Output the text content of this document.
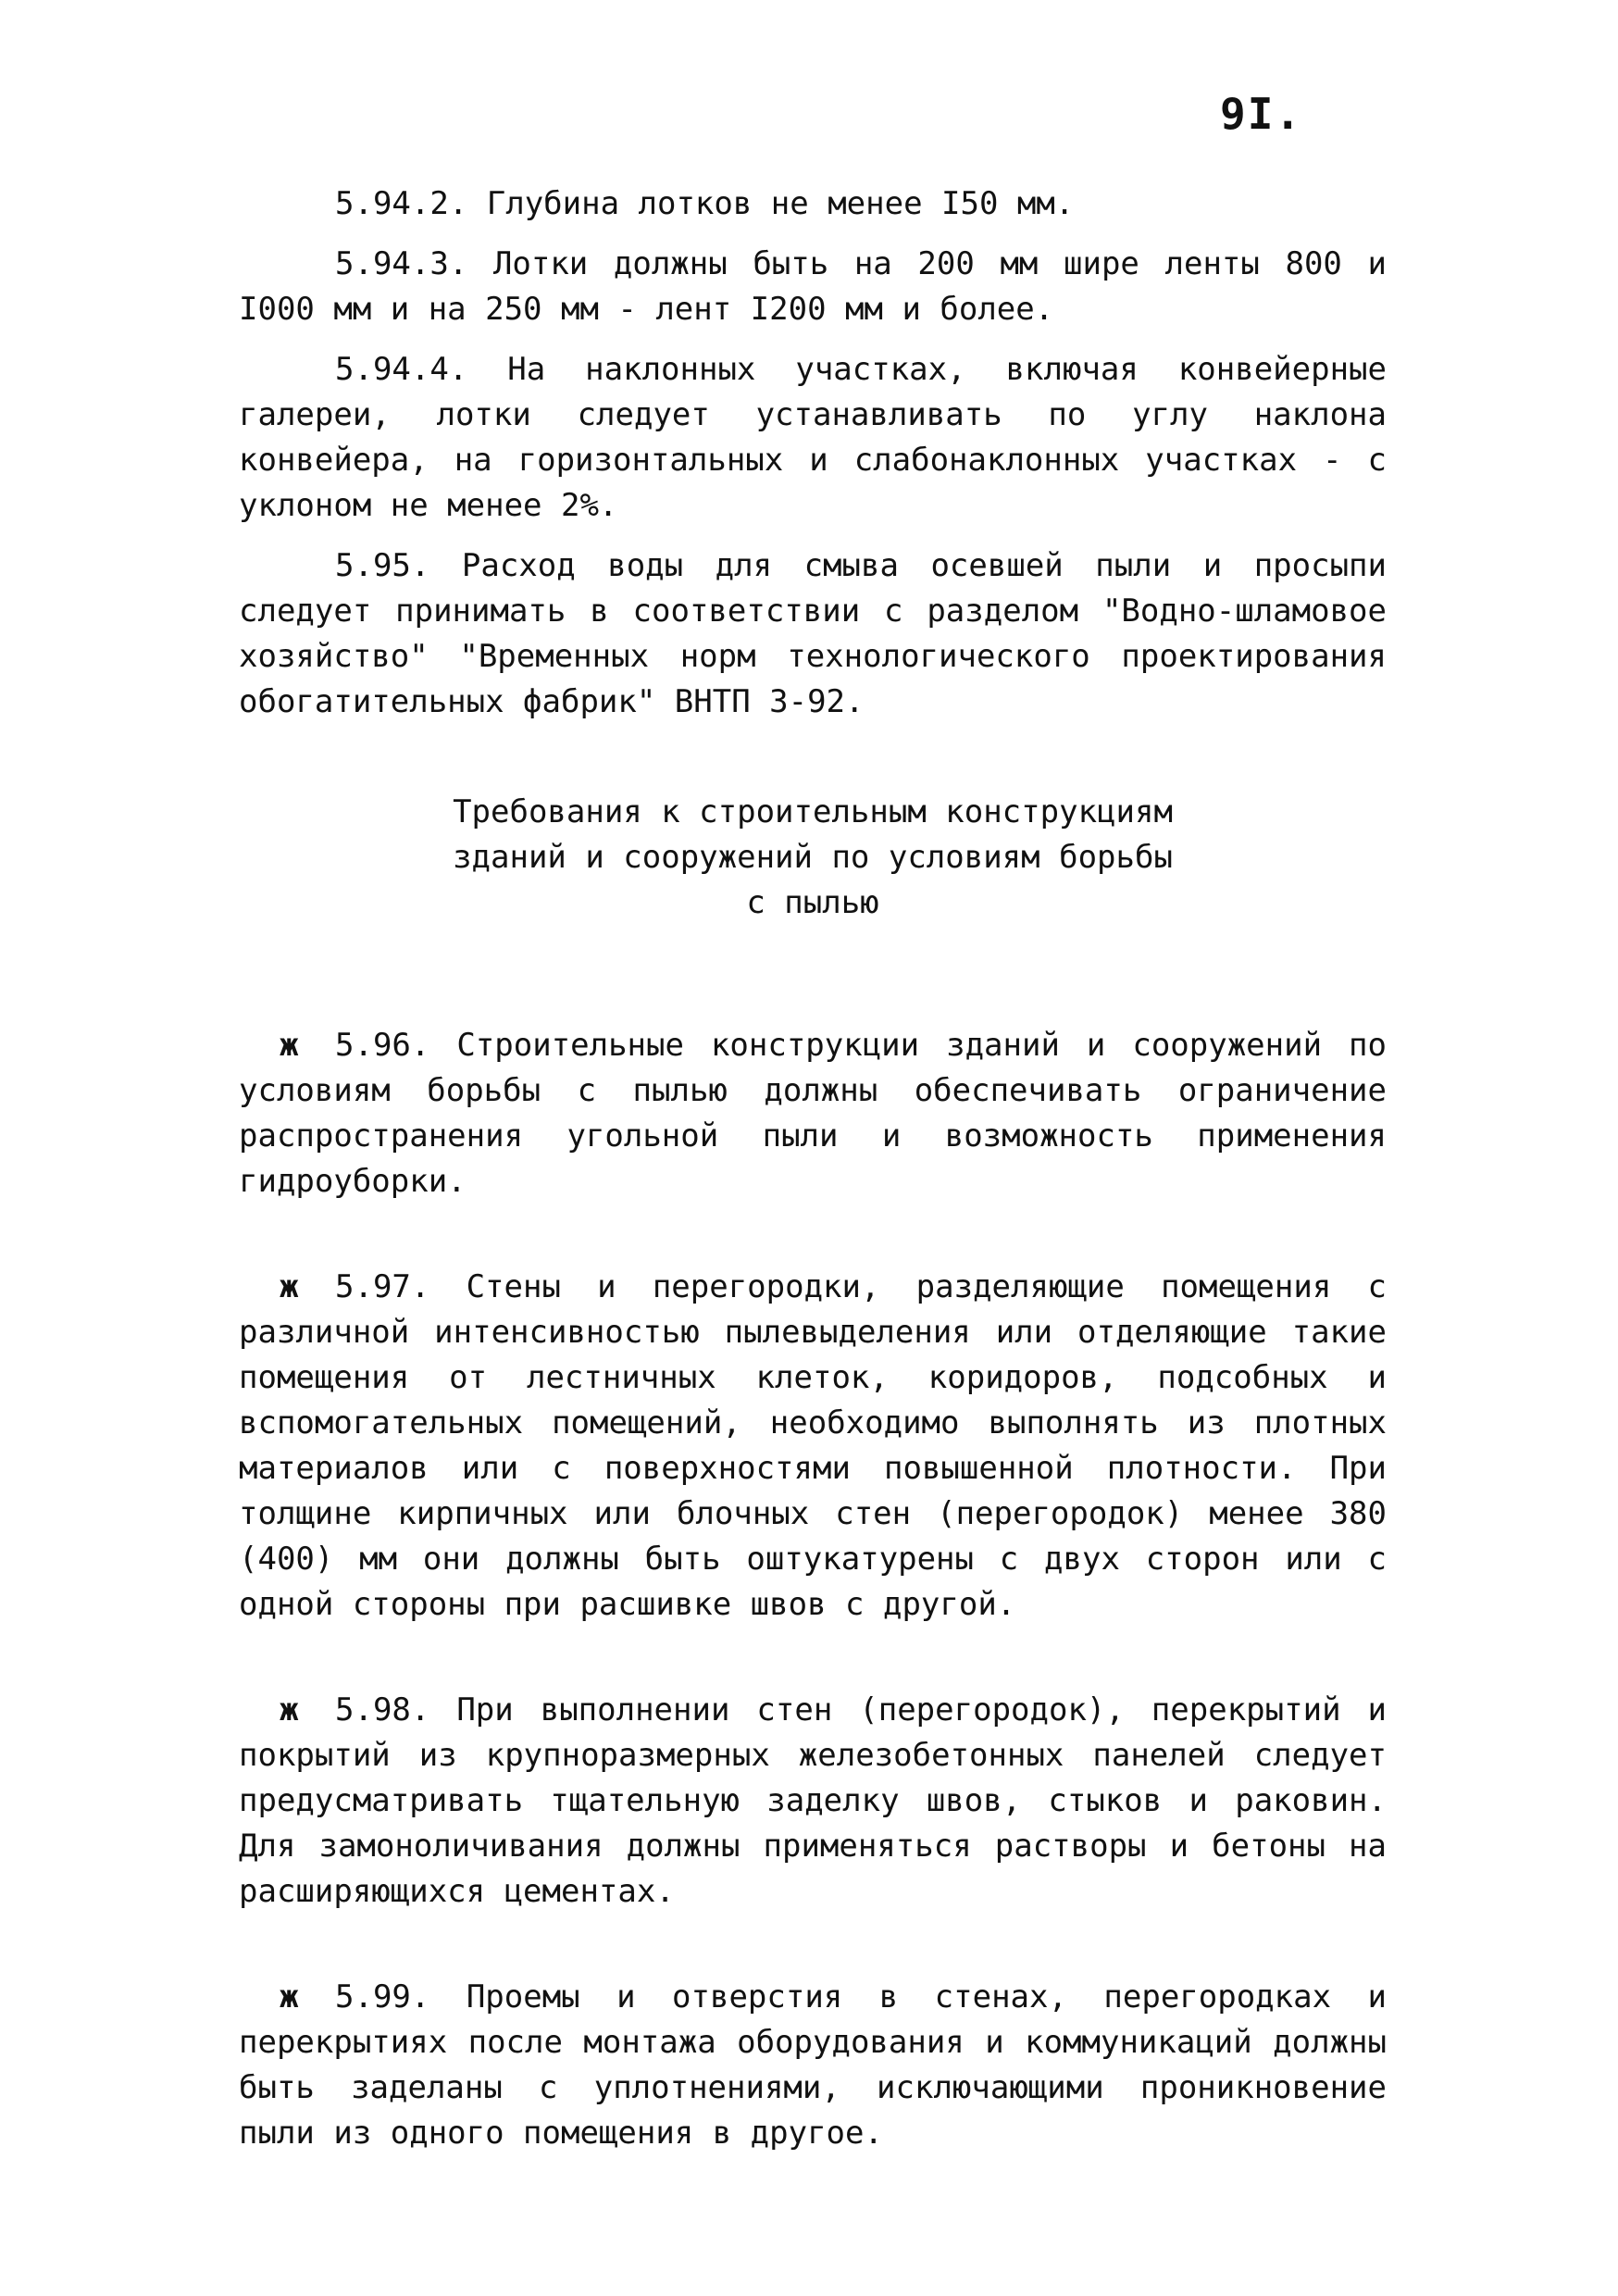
9I.

5.94.2. Глубина лотков не менее I50 мм.

5.94.3. Лотки должны быть на 200 мм шире ленты 800 и I000 мм и на 250 мм - лент I200 мм и более.

5.94.4. На наклонных участках, включая конвейерные галереи, лотки следует устанавливать по углу наклона конвейера, на горизонтальных и слабонаклонных участках - с уклоном не менее 2%.

5.95. Расход воды для смыва осевшей пыли и просыпи следует принимать в соответствии с разделом "Водно-шламовое хозяйство" "Временных норм технологического проектирования обогатительных фабрик" ВНТП 3-92.

Требования к строительным конструкциям
зданий и сооружений по условиям борьбы
с пылью

ж 5.96. Строительные конструкции зданий и сооружений по условиям борьбы с пылью должны обеспечивать ограничение распространения угольной пыли и возможность применения гидроуборки.

ж 5.97. Стены и перегородки, разделяющие помещения с различной интенсивностью пылевыделения или отделяющие такие помещения от лестничных клеток, коридоров, подсобных и вспомогательных помещений, необходимо выполнять из плотных материалов или с поверхностями повышенной плотности. При толщине кирпичных или блочных стен (перегородок) менее 380 (400) мм они должны быть оштукатурены с двух сторон или с одной стороны при расшивке швов с другой.

ж 5.98. При выполнении стен (перегородок), перекрытий и покрытий из крупноразмерных железобетонных панелей следует предусматривать тщательную заделку швов, стыков и раковин. Для замоноличивания должны применяться растворы и бетоны на расширяющихся цементах.

ж 5.99. Проемы и отверстия в стенах, перегородках и перекрытиях после монтажа оборудования и коммуникаций должны быть заделаны с уплотнениями, исключающими проникновение пыли из одного помещения в другое.
